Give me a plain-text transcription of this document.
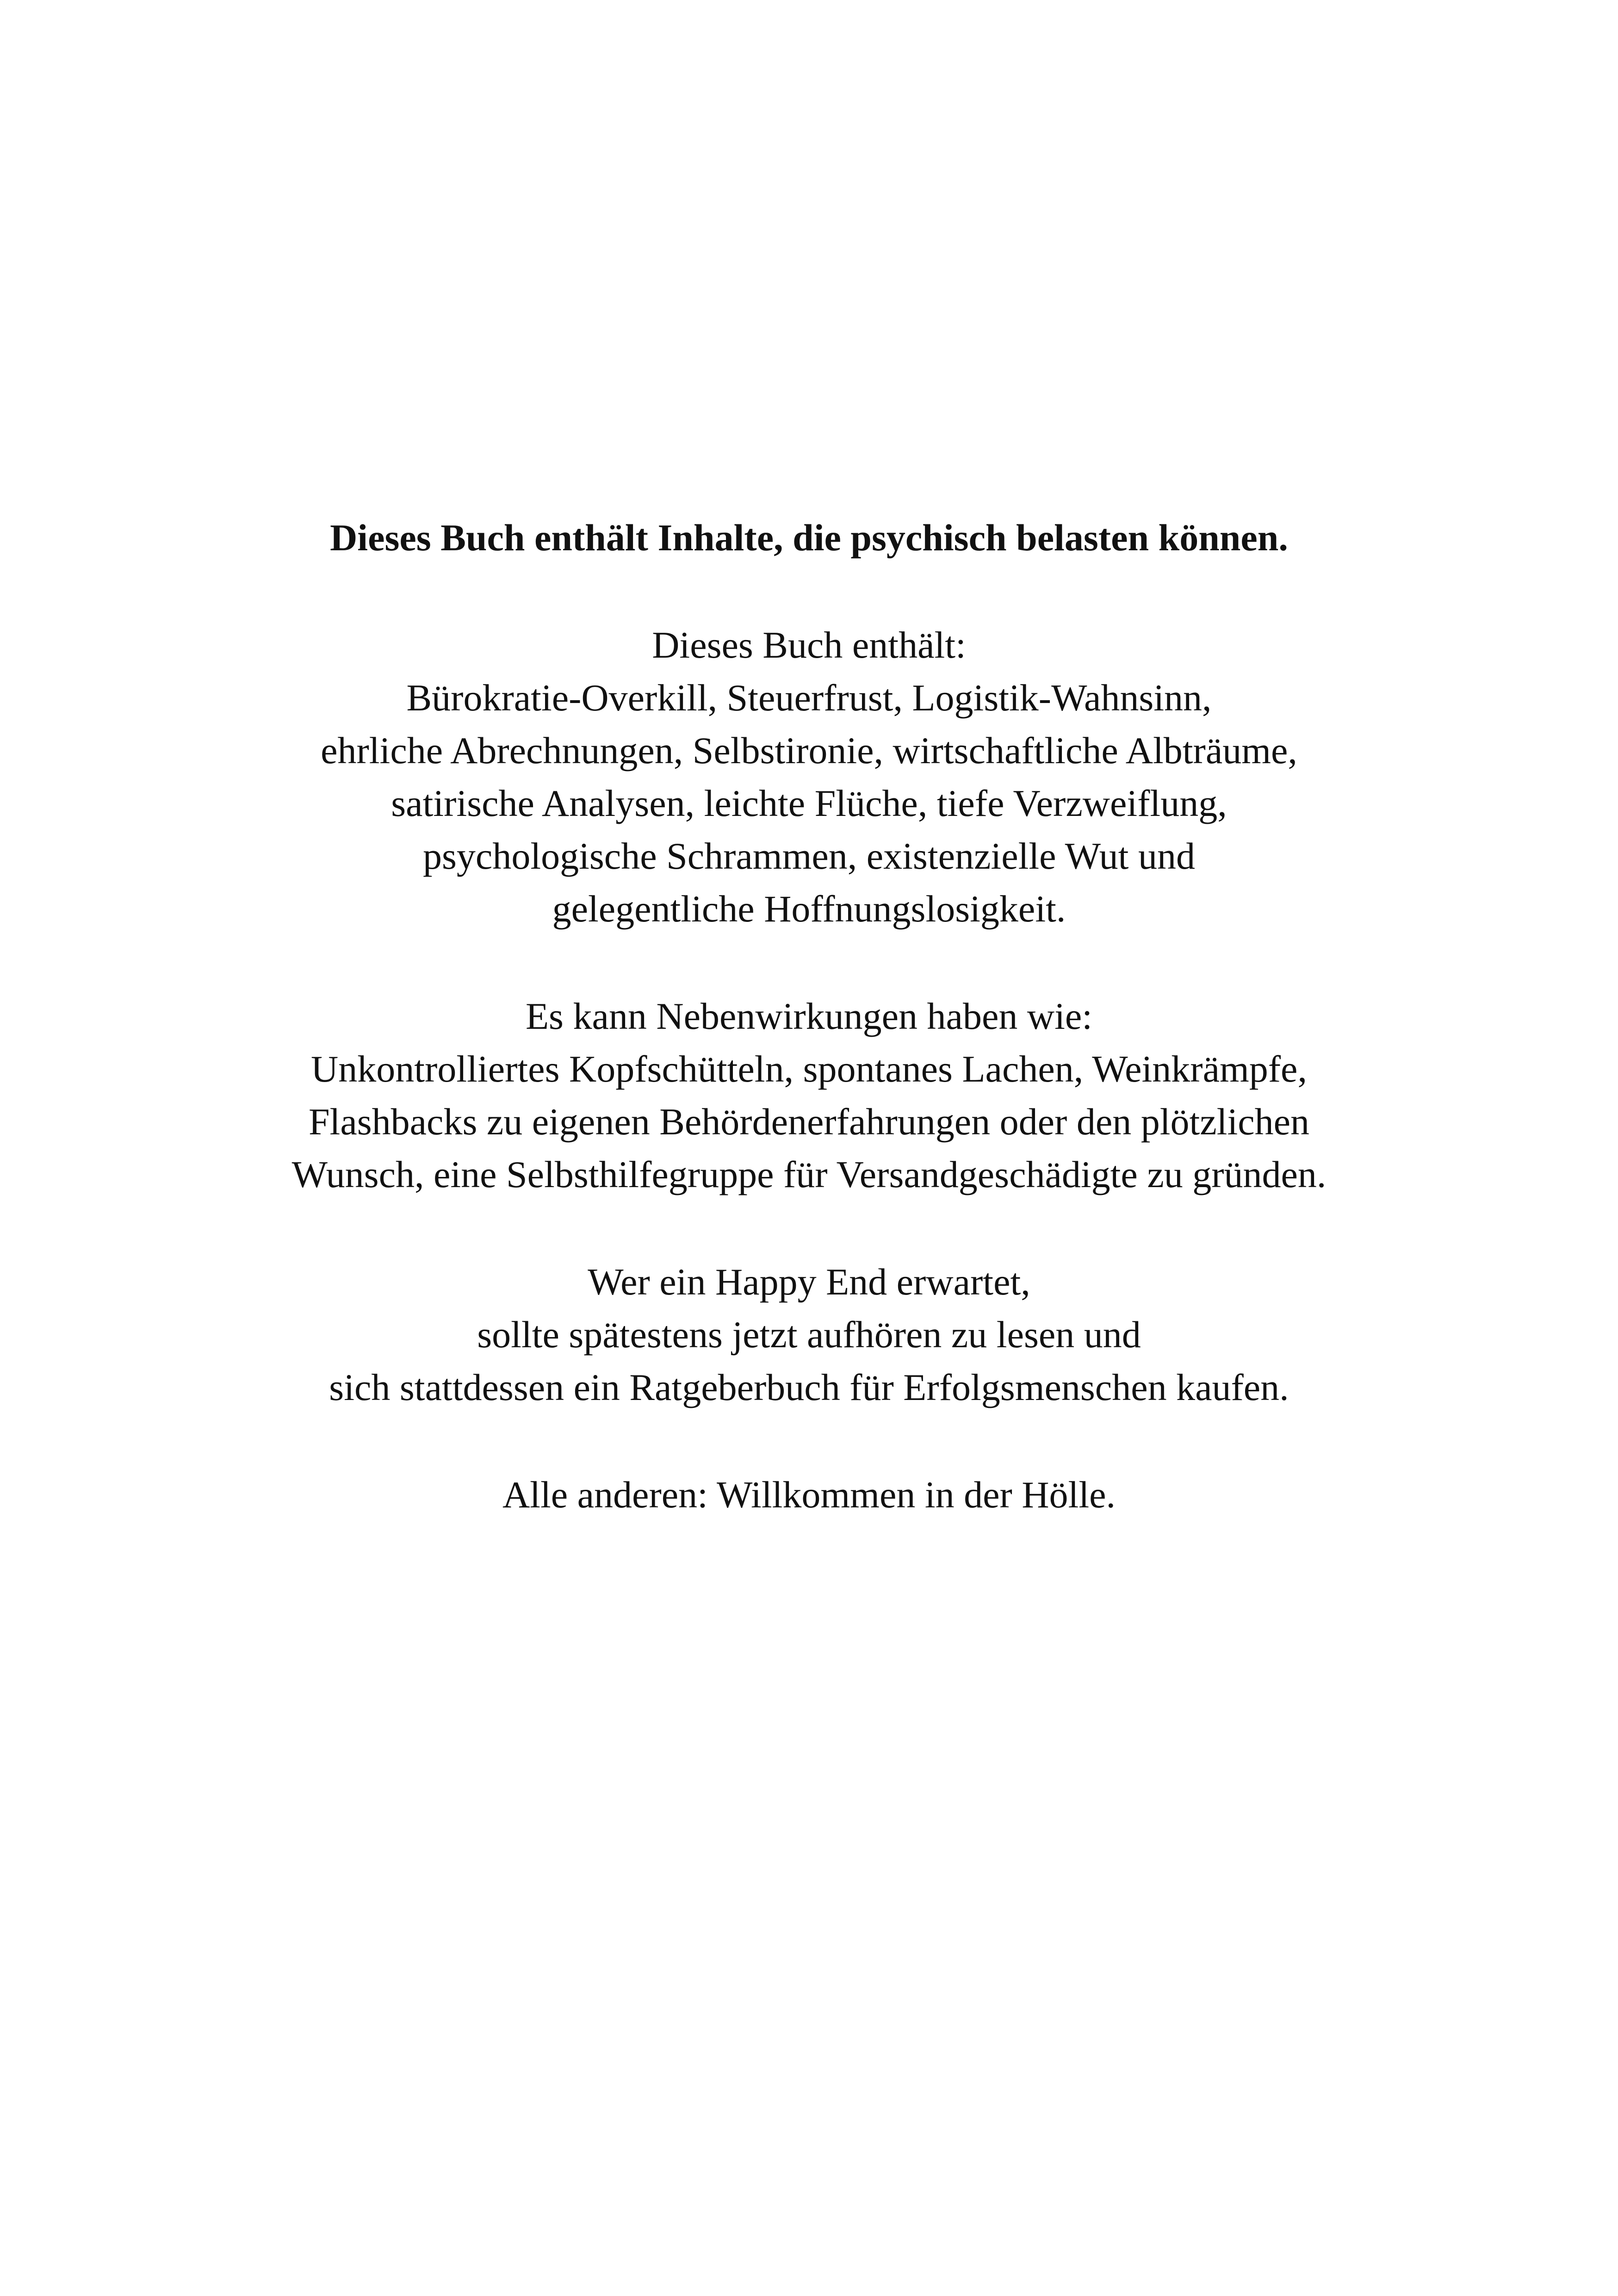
Dieses Buch enthält Inhalte, die psychisch belasten können.

Dieses Buch enthält:
Bürokratie-Overkill, Steuerfrust, Logistik-Wahnsinn,
ehrliche Abrechnungen, Selbstironie, wirtschaftliche Albträume,
satirische Analysen, leichte Flüche, tiefe Verzweiflung,
psychologische Schrammen, existenzielle Wut und
gelegentliche Hoffnungslosigkeit.

Es kann Nebenwirkungen haben wie:
Unkontrolliertes Kopfschütteln, spontanes Lachen, Weinkrämpfe,
Flashbacks zu eigenen Behördenerfahrungen oder den plötzlichen
Wunsch, eine Selbsthilfegruppe für Versandgeschädigte zu gründen.

Wer ein Happy End erwartet,
sollte spätestens jetzt aufhören zu lesen und
sich stattdessen ein Ratgeberbuch für Erfolgsmenschen kaufen.

Alle anderen: Willkommen in der Hölle.
